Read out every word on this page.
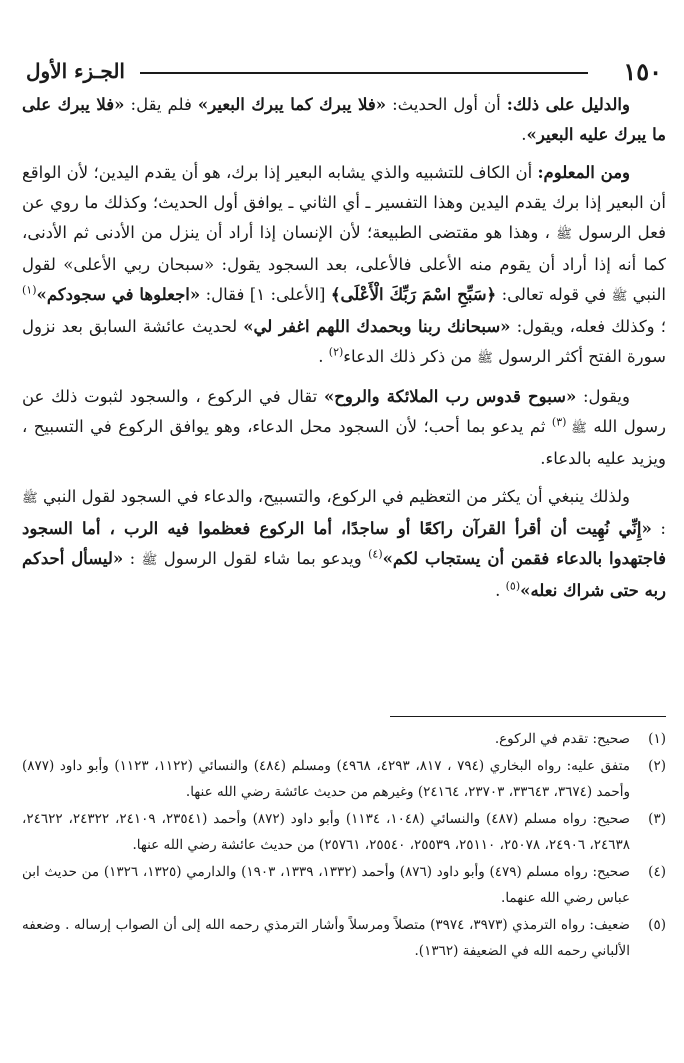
١٥٠
الجـزء الأول

والدليل على ذلك: أن أول الحديث: «فلا يبرك كما يبرك البعير» فلم يقل: «فلا يبرك على ما يبرك عليه البعير».

ومن المعلوم: أن الكاف للتشبيه والذي يشابه البعير إذا برك، هو أن يقدم اليدين؛ لأن الواقع أن البعير إذا برك يقدم اليدين وهذا التفسير ـ أي الثاني ـ يوافق أول الحديث؛ وكذلك ما روي عن فعل الرسول ﷺ ، وهذا هو مقتضى الطبيعة؛ لأن الإنسان إذا أراد أن ينزل من الأدنى ثم الأدنى، كما أنه إذا أراد أن يقوم منه الأعلى فالأعلى، بعد السجود يقول: «سبحان ربي الأعلى» لقول النبي ﷺ في قوله تعالى: ﴿سَبِّحِ اسْمَ رَبِّكَ الْأَعْلَى﴾ [الأعلى: ١] فقال: «اجعلوها في سجودكم»$^{(١)}$ ؛ وكذلك فعله، ويقول: «سبحانك ربنا وبحمدك اللهم اغفر لي» لحديث عائشة السابق بعد نزول سورة الفتح أكثر الرسول ﷺ من ذكر ذلك الدعاء$^{(٢)}$ .

ويقول: «سبوح قدوس رب الملائكة والروح» تقال في الركوع ، والسجود لثبوت ذلك عن رسول الله ﷺ $^{(٣)}$ ثم يدعو بما أحب؛ لأن السجود محل الدعاء، وهو يوافق الركوع في التسبيح ، ويزيد عليه بالدعاء.

ولذلك ينبغي أن يكثر من التعظيم في الركوع، والتسبيح، والدعاء في السجود لقول النبي ﷺ : «إِنِّي نُهِيت أن أقرأ القرآن راكعًا أو ساجدًا، أما الركوع فعظموا فيه الرب ، أما السجود فاجتهدوا بالدعاء فقمن أن يستجاب لكم»$^{(٤)}$ ويدعو بما شاء لقول الرسول ﷺ : «ليسأل أحدكم ربه حتى شراك نعله»$^{(٥)}$ .

(١)
صحيح: تقدم في الركوع.
(٢)
متفق عليه: رواه البخاري (٧٩٤ ، ٨١٧، ٤٢٩٣، ٤٩٦٨) ومسلم (٤٨٤) والنسائي (١١٢٢، ١١٢٣) وأبو داود (٨٧٧) وأحمد (٣٦٧٤، ٣٣٦٤٣، ٢٣٧٠٣، ٢٤١٦٤) وغيرهم من حديث عائشة رضي الله عنها.
(٣)
صحيح: رواه مسلم (٤٨٧) والنسائي (١٠٤٨، ١١٣٤) وأبو داود (٨٧٢) وأحمد (٢٣٥٤١، ٢٤١٠٩، ٢٤٣٢٢، ٢٤٦٢٢، ٢٤٦٣٨، ٢٤٩٠٦، ٢٥٠٧٨، ٢٥١١٠، ٢٥٥٣٩، ٢٥٥٤٠، ٢٥٧٦١) من حديث عائشة رضي الله عنها.
(٤)
صحيح: رواه مسلم (٤٧٩) وأبو داود (٨٧٦) وأحمد (١٣٣٢، ١٣٣٩، ١٩٠٣) والدارمي (١٣٢٥، ١٣٢٦) من حديث ابن عباس رضي الله عنهما.
(٥)
ضعيف: رواه الترمذي (٣٩٧٣، ٣٩٧٤) متصلاً ومرسلاً وأشار الترمذي رحمه الله إلى أن الصواب إرساله . وضعفه الألباني رحمه الله في الضعيفة (١٣٦٢).
